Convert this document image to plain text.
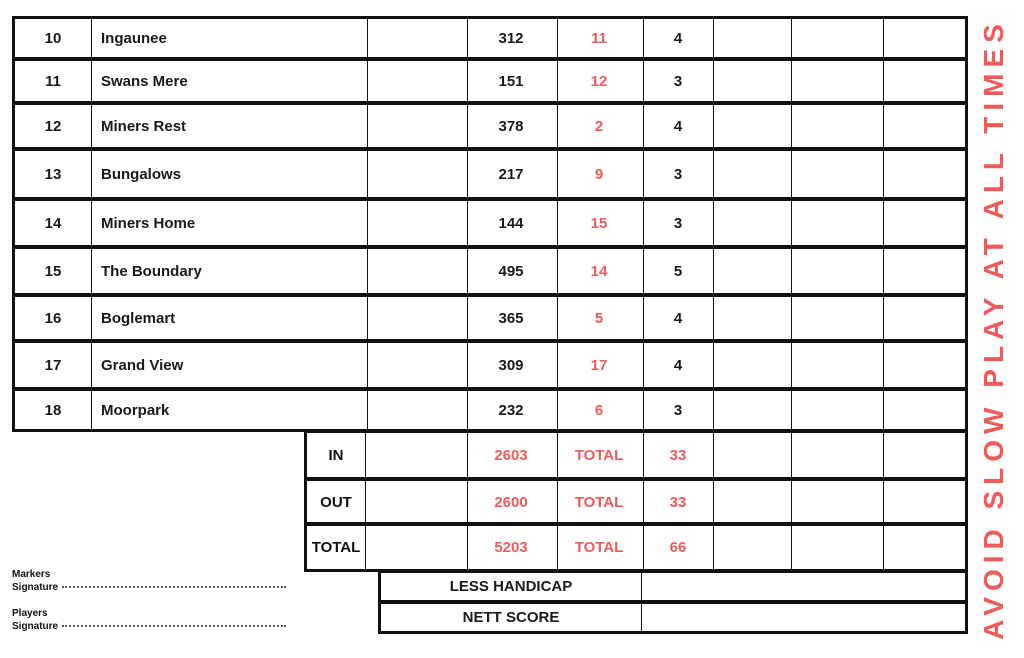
10	Ingaunee	312	11	4
11	Swans Mere	151	12	3
12	Miners Rest	378	2	4
13	Bungalows	217	9	3
14	Miners Home	144	15	3
15	The Boundary	495	14	5
16	Boglemart	365	5	4
17	Grand View	309	17	4
18	Moorpark	232	6	3
IN	2603	TOTAL	33
OUT	2600	TOTAL	33
TOTAL	5203	TOTAL	66
LESS HANDICAP
NETT SCORE
Markers
Signature
Players
Signature	AVOID SLOW PLAY AT ALL TIMES
